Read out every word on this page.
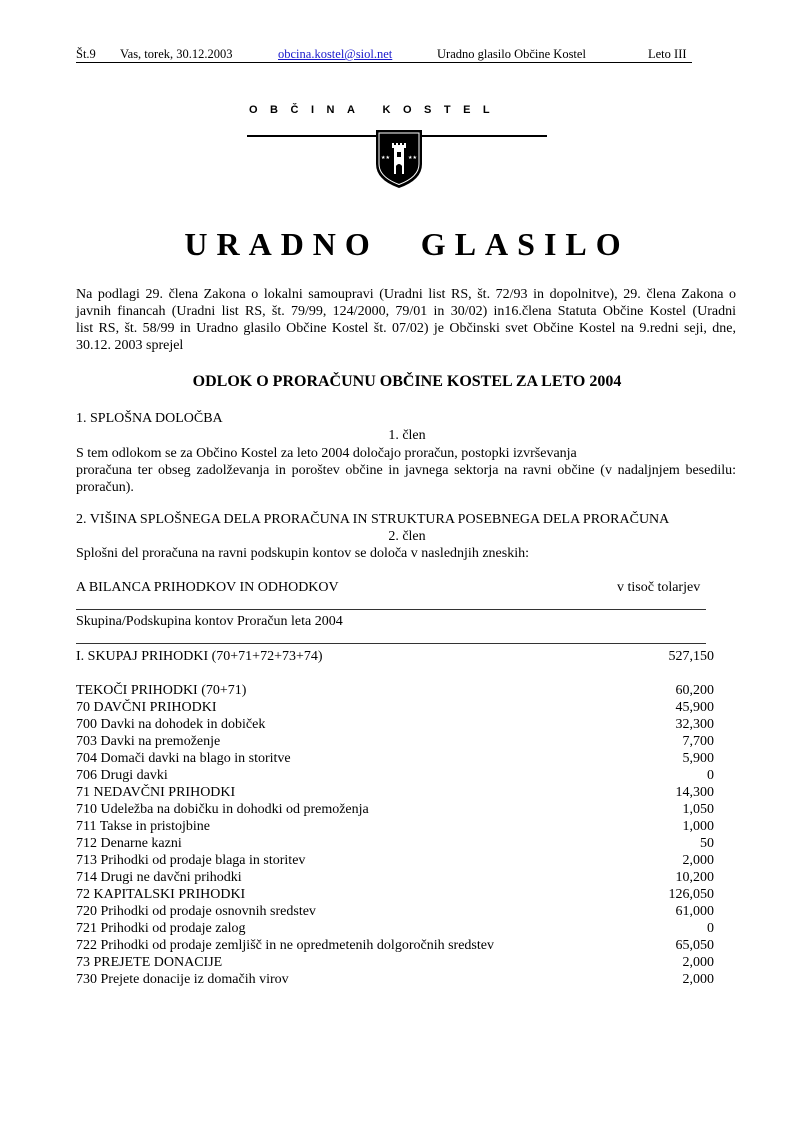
Št.9 Vas, torek, 30.12.2003	obcina.kostel@siol.net	Uradno glasilo Občine Kostel	Leto III
OBČINA KOSTEL
★★	★★
URADNO GLASILO
Na podlagi 29. člena Zakona o lokalni samoupravi (Uradni list RS, št. 72/93 in dopolnitve), 29. člena Zakona o
javnih financah (Uradni list RS, št. 79/99, 124/2000, 79/01 in 30/02) in16.člena Statuta Občine Kostel (Uradni
list RS, št. 58/99 in Uradno glasilo Občine Kostel št. 07/02) je Občinski svet Občine Kostel na 9.redni seji, dne,
30.12. 2003 sprejel
ODLOK O PRORAČUNU OBČINE KOSTEL ZA LETO 2004
1. SPLOŠNA DOLOČBA
1. člen
S tem odlokom se za Občino Kostel za leto 2004 določajo proračun, postopki izvrševanja
proračuna ter obseg zadolževanja in poroštev občine in javnega sektorja na ravni občine (v nadaljnjem besedilu:
proračun).
2. VIŠINA SPLOŠNEGA DELA PRORAČUNA IN STRUKTURA POSEBNEGA DELA PRORAČUNA
2. člen
Splošni del proračuna na ravni podskupin kontov se določa v naslednjih zneskih:
A BILANCA PRIHODKOV IN ODHODKOV	v tisoč tolarjev
Skupina/Podskupina kontov Proračun leta 2004
I. SKUPAJ PRIHODKI (70+71+72+73+74)	527,150
TEKOČI PRIHODKI (70+71)	60,200
70 DAVČNI PRIHODKI	45,900
700 Davki na dohodek in dobiček	32,300
703 Davki na premoženje	7,700
704 Domači davki na blago in storitve	5,900
706 Drugi davki	0
71 NEDAVČNI PRIHODKI	14,300
710 Udeležba na dobičku in dohodki od premoženja	1,050
711 Takse in pristojbine	1,000
712 Denarne kazni	50
713 Prihodki od prodaje blaga in storitev	2,000
714 Drugi ne davčni prihodki	10,200
72 KAPITALSKI PRIHODKI	126,050
720 Prihodki od prodaje osnovnih sredstev	61,000
721 Prihodki od prodaje zalog	0
722 Prihodki od prodaje zemljišč in ne opredmetenih dolgoročnih sredstev	65,050
73 PREJETE DONACIJE	2,000
730 Prejete donacije iz domačih virov	2,000
